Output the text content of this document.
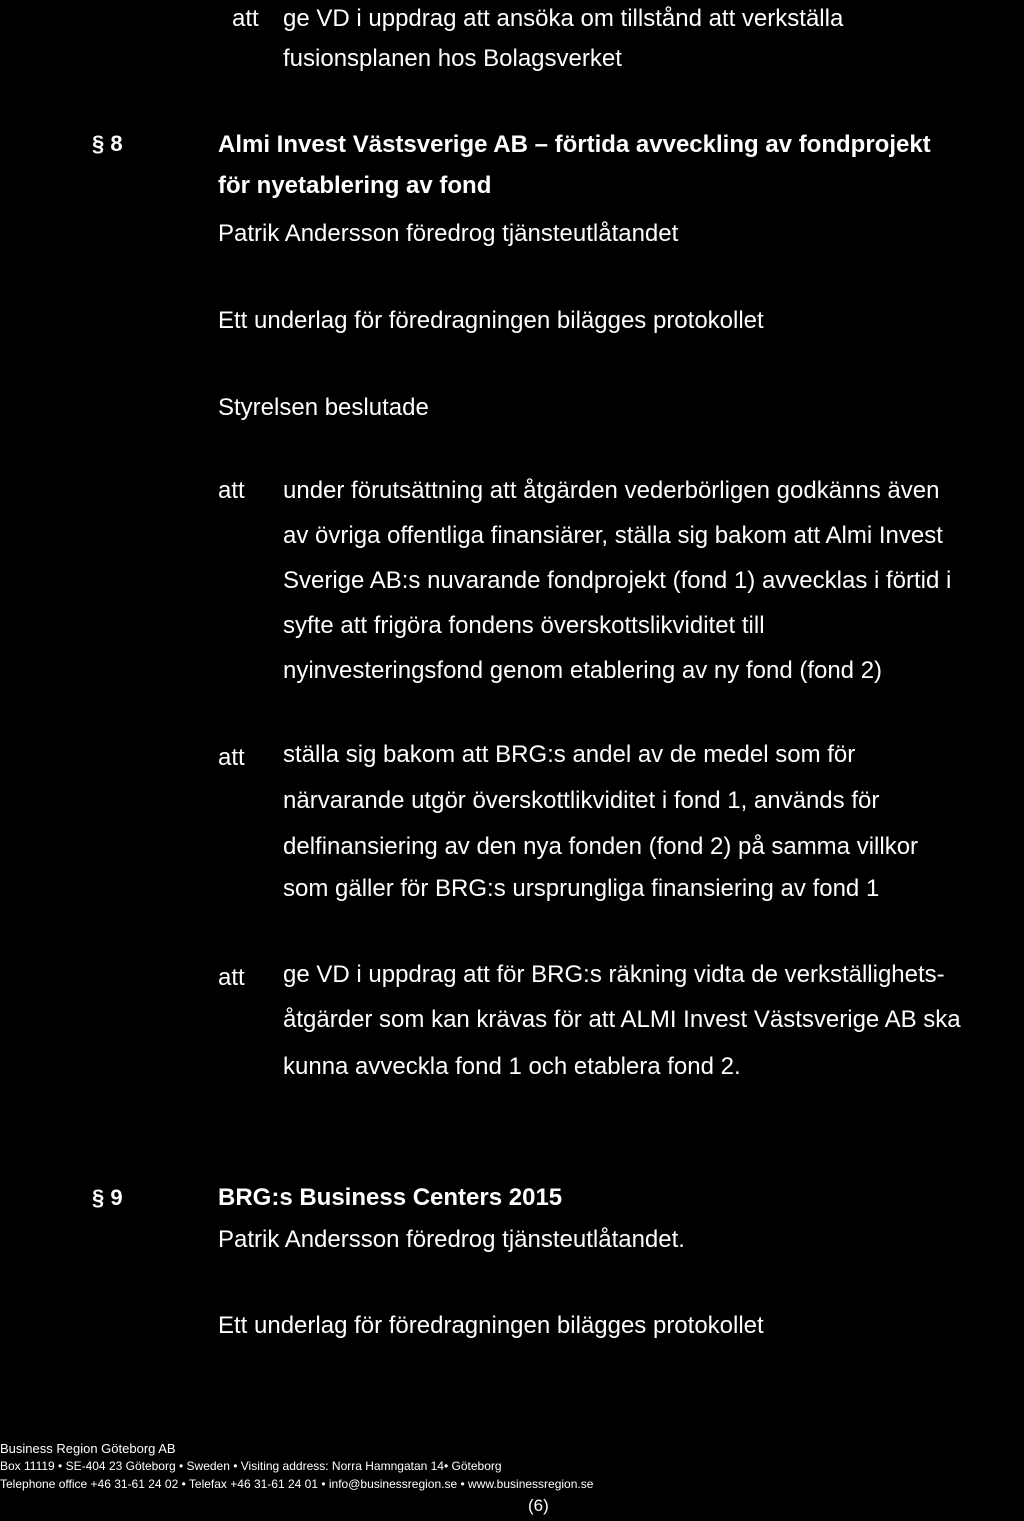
att ge VD i uppdrag att ansöka om tillstånd att verkställa
fusionsplanen hos Bolagsverket
§ 8	Almi Invest Västsverige AB – förtida avveckling av fondprojekt
för nyetablering av fond
Patrik Andersson föredrog tjänsteutlåtandet
Ett underlag för föredragningen bilägges protokollet
Styrelsen beslutade
att under förutsättning att åtgärden vederbörligen godkänns även
av övriga offentliga finansiärer, ställa sig bakom att Almi Invest
Sverige AB:s nuvarande fondprojekt (fond 1) avvecklas i förtid i
syfte att frigöra fondens överskottslikviditet till
nyinvesteringsfond genom etablering av ny fond (fond 2)
att ställa sig bakom att BRG:s andel av de medel som för
närvarande utgör överskottlikviditet i fond 1, används för
delfinansiering av den nya fonden (fond 2) på samma villkor
som gäller för BRG:s ursprungliga finansiering av fond 1
att ge VD i uppdrag att för BRG:s räkning vidta de verkställighets-
åtgärder som kan krävas för att ALMI Invest Västsverige AB ska
kunna avveckla fond 1 och etablera fond 2.
§ 9	BRG:s Business Centers 2015
Patrik Andersson föredrog tjänsteutlåtandet.
Ett underlag för föredragningen bilägges protokollet
Business Region Göteborg AB
Box 11119 • SE-404 23 Göteborg • Sweden • Visiting address: Norra Hamngatan 14• Göteborg
Telephone office +46 31-61 24 02 • Telefax +46 31-61 24 01 • info@businessregion.se • www.businessregion.se
(6)
